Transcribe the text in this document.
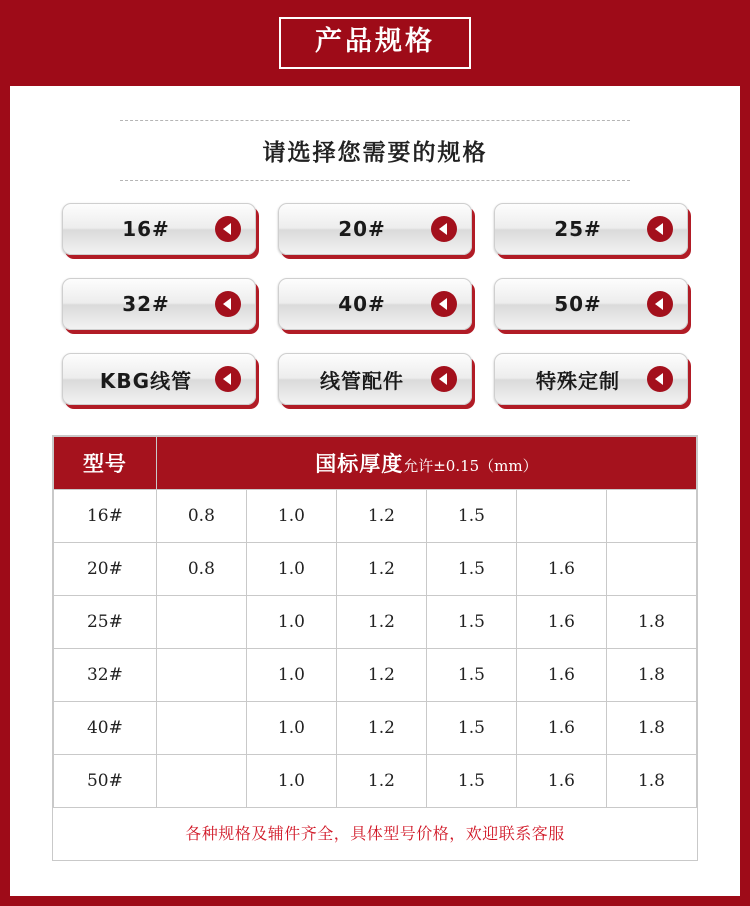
产品规格
请选择您需要的规格
16#	20#	25#
32#	40#	50#
KBG线管	线管配件	特殊定制
型号	国标厚度允许±0.15（mm）					
16#	0.8	1.0	1.2	1.5		
20#	0.8	1.0	1.2	1.5	1.6	
25#		1.0	1.2	1.5	1.6	1.8
32#		1.0	1.2	1.5	1.6	1.8
40#		1.0	1.2	1.5	1.6	1.8
50#		1.0	1.2	1.5	1.6	1.8
各种规格及辅件齐全，具体型号价格，欢迎联系客服
